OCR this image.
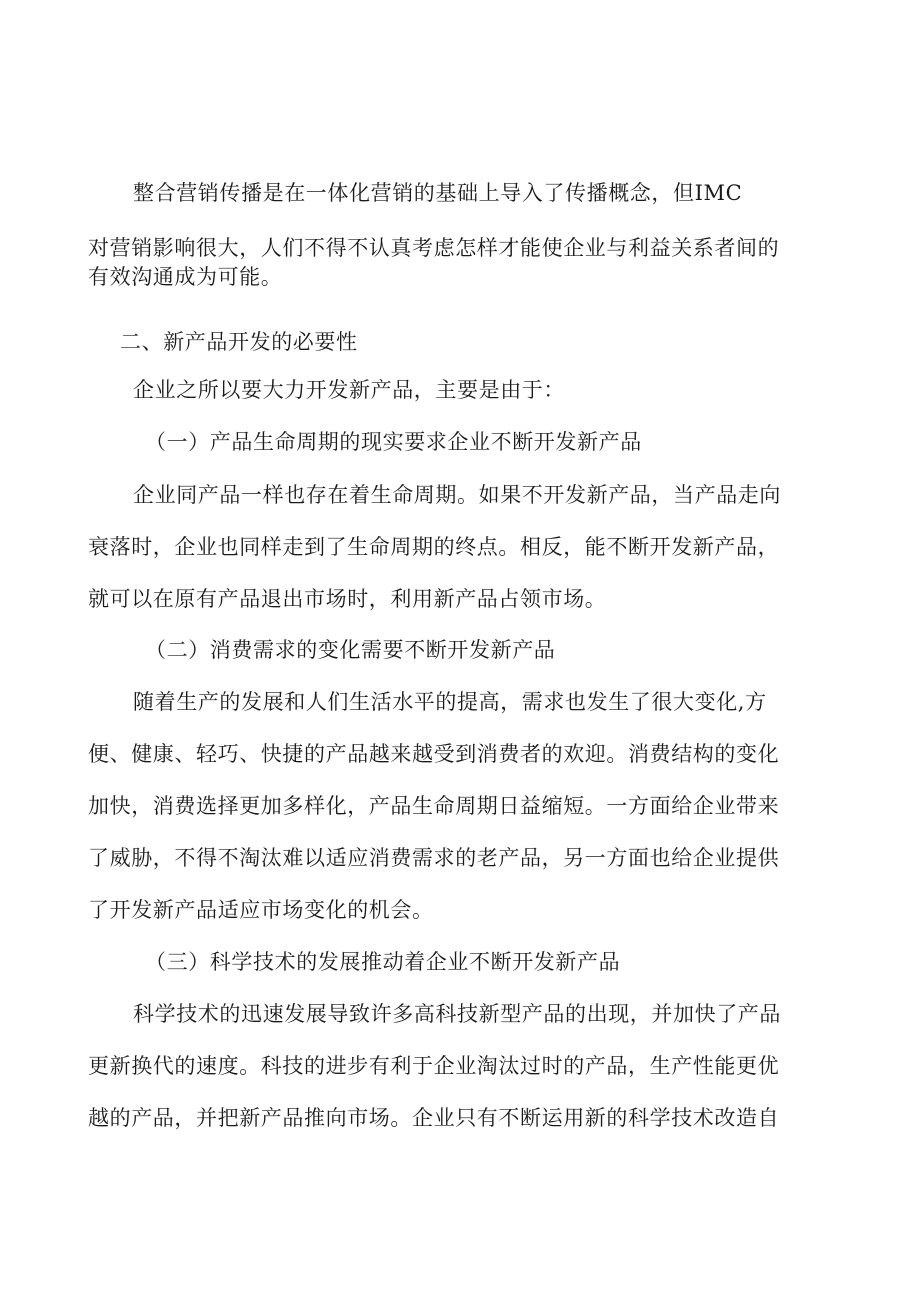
整合营销传播是在一体化营销的基础上导入了传播概念，但IMC
对营销影响很大，人们不得不认真考虑怎样才能使企业与利益关系者间的
有效沟通成为可能。
二、新产品开发的必要性
企业之所以要大力开发新产品，主要是由于：
（一）产品生命周期的现实要求企业不断开发新产品
企业同产品一样也存在着生命周期。如果不开发新产品，当产品走向
衰落时，企业也同样走到了生命周期的终点。相反，能不断开发新产品，
就可以在原有产品退出市场时，利用新产品占领市场。
（二）消费需求的变化需要不断开发新产品
随着生产的发展和人们生活水平的提高，需求也发生了很大变化,方
便、健康、轻巧、快捷的产品越来越受到消费者的欢迎。消费结构的变化
加快，消费选择更加多样化，产品生命周期日益缩短。一方面给企业带来
了威胁，不得不淘汰难以适应消费需求的老产品，另一方面也给企业提供
了开发新产品适应市场变化的机会。
（三）科学技术的发展推动着企业不断开发新产品
科学技术的迅速发展导致许多高科技新型产品的出现，并加快了产品
更新换代的速度。科技的进步有利于企业淘汰过时的产品，生产性能更优
越的产品，并把新产品推向市场。企业只有不断运用新的科学技术改造自
